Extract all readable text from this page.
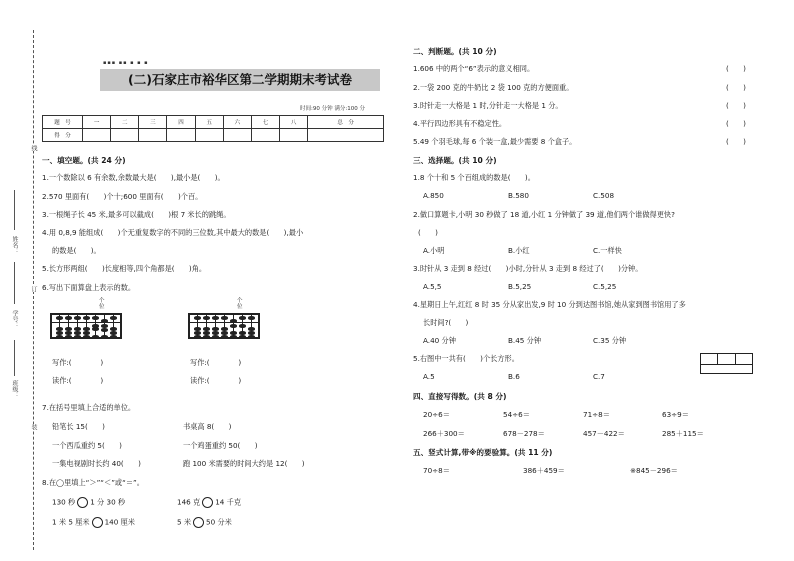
姓名：
学号：
班级：
线
订
装
▪▪▪ ▪▪ ▪ ▪ ▪
(二)石家庄市裕华区第二学期期末考试卷
时间:90 分钟 满分:100 分
题　号	一	二	三	四	五	六	七	八	总　分
得　分									
一、填空题。(共 24 分)
1.一个数除以 6 有余数,余数最大是(　　),最小是(　　)。
2.570 里面有(　　)个十;600 里面有(　　)个百。
3.一根绳子长 45 米,最多可以截成(　　)根 7 米长的跳绳。
4.用 0,8,9 能组成(　　)个无重复数字的不同的三位数,其中最大的数是(　　),最小
的数是(　　)。
5.长方形两组(　　)长度相等,四个角都是(　　)角。
6.写出下面算盘上表示的数。
个
位
写作:(　　　　)
读作:(　　　　)
个
位
写作:(　　　　)
读作:(　　　　)
7.在括号里填上合适的单位。
铅笔长 15(　　)	书桌高 8(　　)
一个西瓜重约 5(　　)	一个鸡蛋重约 50(　　)
一集电视剧时长约 40(　　)	跑 100 米需要的时间大约是 12(　　)
8.在◯里填上“＞”“＜”或“＝”。
130 秒 1 分 30 秒	146 克 14 千克
1 米 5 厘米 140 厘米	5 米 50 分米
二、判断题。(共 10 分)
1.606 中的两个“6”表示的意义相同。
2.一袋 200 克的牛奶比 2 袋 100 克的方便面重。
3.时针走一大格是 1 时,分针走一大格是 1 分。
4.平行四边形具有不稳定性。
5.49 个羽毛球,每 6 个装一盒,最少需要 8 个盒子。
(　　)
(　　)
(　　)
(　　)
(　　)
三、选择题。(共 10 分)
1.8 个十和 5 个百组成的数是(　　)。
A.850	B.580	C.508
2.做口算题卡,小明 30 秒做了 18 道,小红 1 分钟做了 39 道,他们两个谁做得更快?
(　　)
A.小明	B.小红	C.一样快
3.时针从 3 走到 8 经过(　　)小时,分针从 3 走到 8 经过了(　　)分钟。
A.5,5	B.5,25	C.5,25
4.星期日上午,红红 8 时 35 分从家出发,9 时 10 分到达图书馆,她从家到图书馆用了多
长时间?(　　)
A.40 分钟	B.45 分钟	C.35 分钟
5.右图中一共有(　　)个长方形。
A.5	B.6	C.7
四、直接写得数。(共 8 分)
20÷6＝	54÷6＝	71÷8＝	63÷9＝
266＋300＝	678－278＝	457－422＝	285＋115＝
五、竖式计算,带※的要验算。(共 11 分)
70÷8＝	386＋459＝	※845－296＝
